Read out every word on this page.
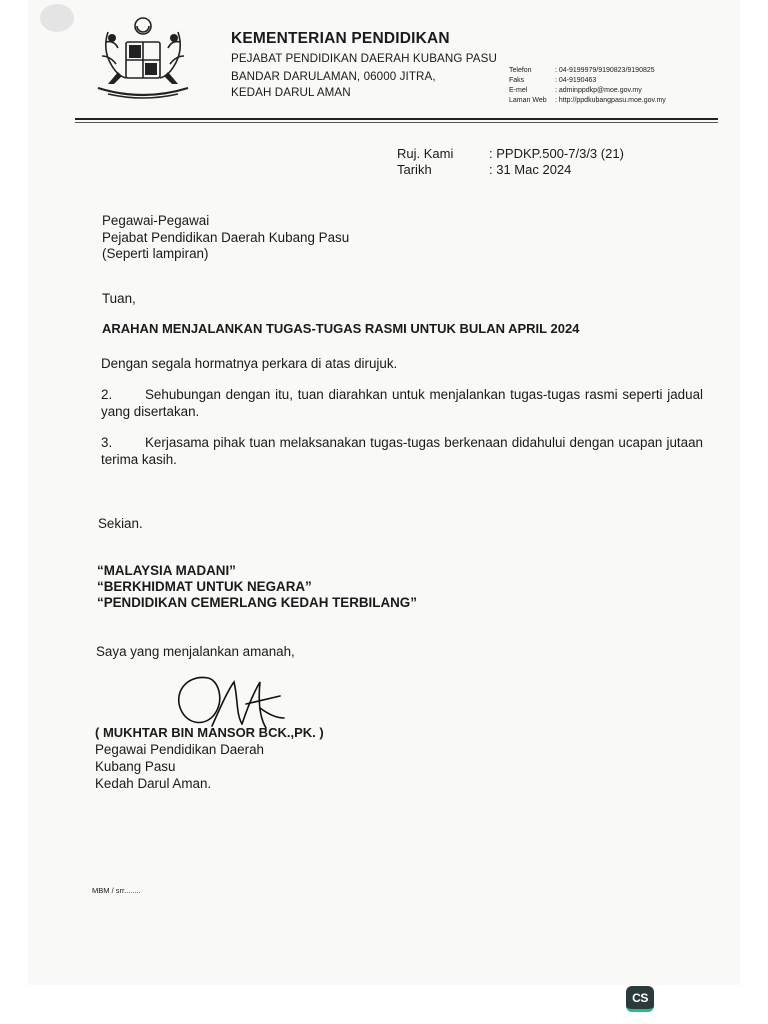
KEMENTERIAN PENDIDIKAN
PEJABAT PENDIDIKAN DAERAH KUBANG PASU
BANDAR DARULAMAN, 06000 JITRA,
KEDAH DARUL AMAN
Telefon	: 04-9199979/9190823/9190825
Faks	: 04-9190463
E-mel	: adminppdkp@moe.gov.my
Laman Web	: http://ppdkubangpasu.moe.gov.my
Ruj. Kami	: PPDKP.500-7/3/3 (21)
Tarikh	: 31 Mac 2024
Pegawai-Pegawai
Pejabat Pendidikan Daerah Kubang Pasu
(Seperti lampiran)
Tuan,
ARAHAN MENJALANKAN TUGAS-TUGAS RASMI UNTUK BULAN APRIL 2024
Dengan segala hormatnya perkara di atas dirujuk.
2. Sehubungan dengan itu, tuan diarahkan untuk menjalankan tugas-tugas rasmi seperti jadual yang disertakan.
3. Kerjasama pihak tuan melaksanakan tugas-tugas berkenaan didahului dengan ucapan jutaan terima kasih.
Sekian.
“MALAYSIA MADANI”
“BERKHIDMAT UNTUK NEGARA”
“PENDIDIKAN CEMERLANG KEDAH TERBILANG”
Saya yang menjalankan amanah,
( MUKHTAR BIN MANSOR BCK.,PK. )
Pegawai Pendidikan Daerah
Kubang Pasu
Kedah Darul Aman.
MBM / srr........
CS
